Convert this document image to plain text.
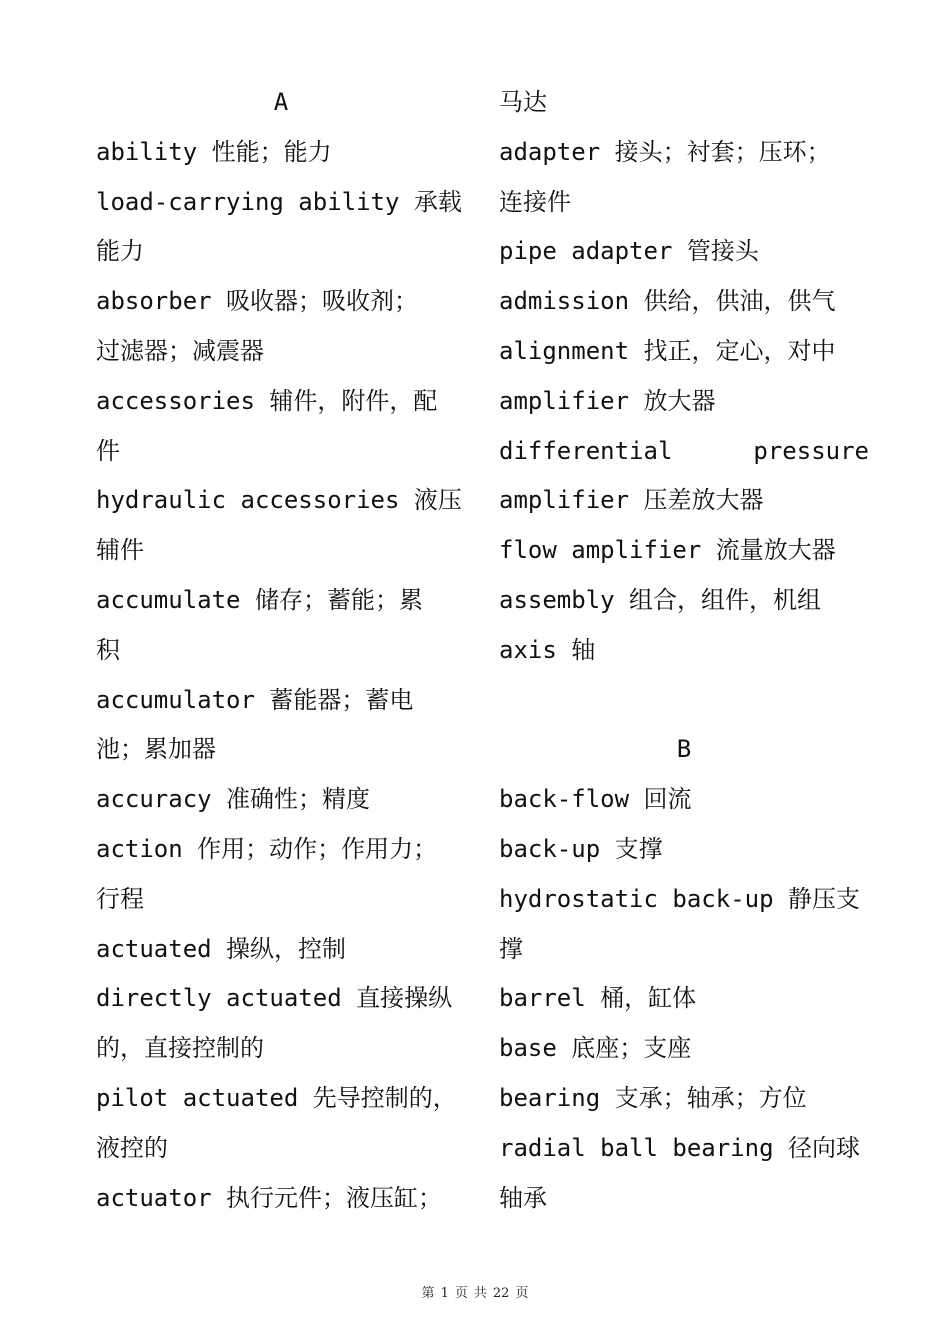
A
ability 性能；能力
load-carrying ability 承载
能力
absorber 吸收器；吸收剂；
过滤器；减震器
accessories 辅件，附件，配
件
hydraulic accessories 液压
辅件
accumulate 储存；蓄能；累
积
accumulator 蓄能器；蓄电
池；累加器
accuracy 准确性；精度
action 作用；动作；作用力；
行程
actuated 操纵，控制
directly actuated 直接操纵
的，直接控制的
pilot actuated 先导控制的，
液控的
actuator 执行元件；液压缸；
马达
adapter 接头；衬套；压环；
连接件
pipe adapter 管接头
admission 供给，供油，供气
alignment 找正，定心，对中
amplifier 放大器
differential	pressure
amplifier 压差放大器
flow amplifier 流量放大器
assembly 组合，组件，机组
axis 轴
B
back-flow 回流
back-up 支撑
hydrostatic back-up 静压支
撑
barrel 桶，缸体
base 底座；支座
bearing 支承；轴承；方位
radial ball bearing 径向球
轴承
第 1 页 共 22 页
